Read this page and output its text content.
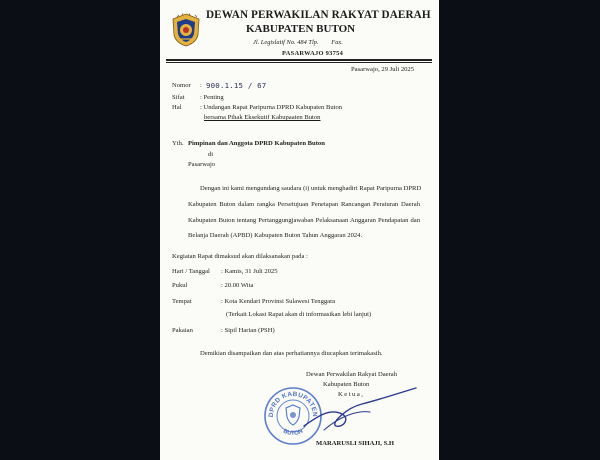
DEWAN PERWAKILAN RAKYAT DAERAH
KABUPATEN BUTON
Jl. Legislatif No. 484 Tlp.        Fax.
PASARWAJO 93754
Pasarwajo, 29 Juli 2025
Nomor : 900.1.15 / 67
Sifat : Penting
Hal	: Undangan Rapat Paripurna DPRD Kabupaten Buton
bersama Pihak Eksekutif Kabupaaten Buton
Yth. Pimpinan dan Anggota DPRD Kabupaten Buton
di
Pasarwajo
Dengan ini kami mengundang saudara (i) untuk menghadiri Rapat Paripurna DPRD
Kabupaten Buton dalam rangka Persetujuan Penetapan Rancangan Peraturan Daerah
Kabupaten Buton tentang Pertanggungjawaban Pelaksanaan Anggaran Pendapatan dan
Belanja Daerah (APBD) Kabupaten Buton Tahun Anggaran 2024.
Kegiatan Rapat dimaksud akan dilaksanakan pada :
Hari / Tanggal : Kamis, 31 Juli 2025
Pukul	: 20.00 Wita
Tempat	: Kota Kendari Provinsi Sulawesi Tenggara
(Terkait Lokasi Rapat akan di informasikan lebi lanjut)
Pakaian	: Sipil Harian (PSH)
Demikian disampaikan dan atas perhatiannya diucapkan terimakasih.
Dewan Perwakilan Rakyat Daerah
Kabupaten Buton
Ketua,
DPRD KABUPATEN
BUTON
MARARUSLI SIHAJI, S.H
